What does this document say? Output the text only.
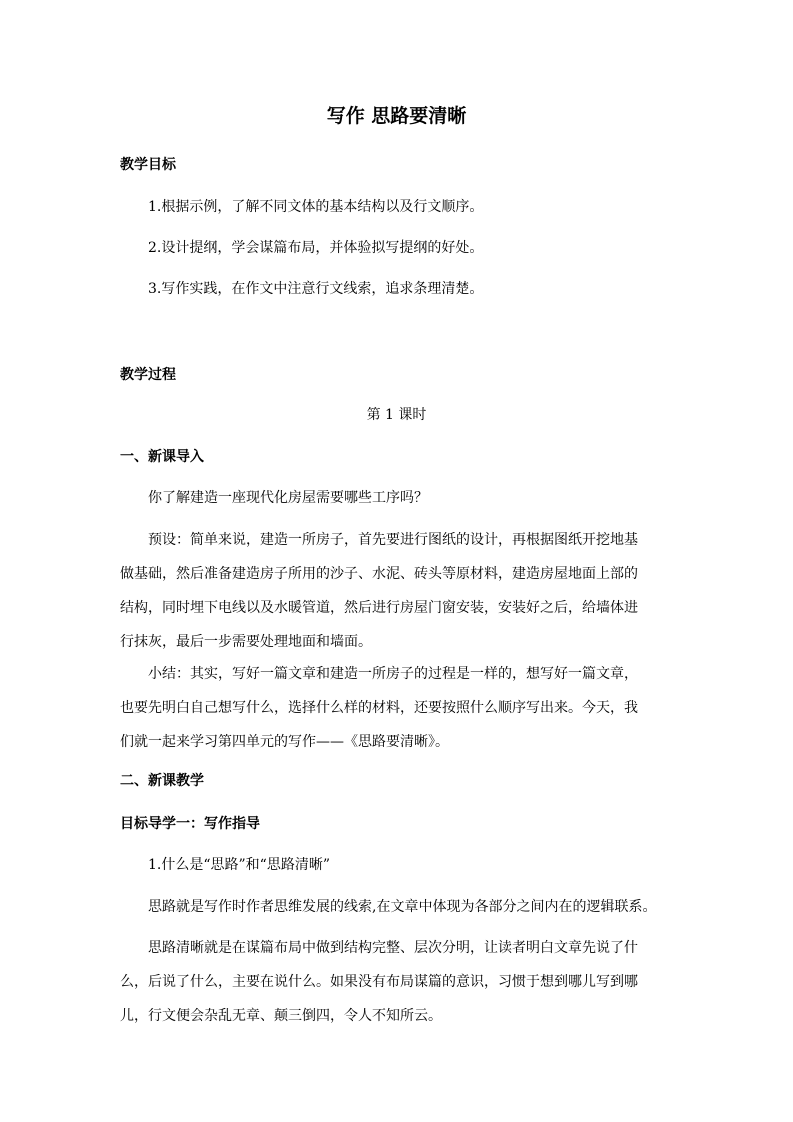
写作 思路要清晰
教学目标
1.根据示例，了解不同文体的基本结构以及行文顺序。
2.设计提纲，学会谋篇布局，并体验拟写提纲的好处。
3.写作实践，在作文中注意行文线索，追求条理清楚。
教学过程
第 1 课时
一、新课导入
你了解建造一座现代化房屋需要哪些工序吗？
预设：简单来说，建造一所房子，首先要进行图纸的设计，再根据图纸开挖地基
做基础，然后准备建造房子所用的沙子、水泥、砖头等原材料，建造房屋地面上部的
结构，同时埋下电线以及水暖管道，然后进行房屋门窗安装，安装好之后，给墙体进
行抹灰，最后一步需要处理地面和墙面。
小结：其实，写好一篇文章和建造一所房子的过程是一样的，想写好一篇文章，
也要先明白自己想写什么，选择什么样的材料，还要按照什么顺序写出来。今天，我
们就一起来学习第四单元的写作——《思路要清晰》。
二、新课教学
目标导学一：写作指导
1.什么是“思路”和“思路清晰”
思路就是写作时作者思维发展的线索,在文章中体现为各部分之间内在的逻辑联系。
思路清晰就是在谋篇布局中做到结构完整、层次分明，让读者明白文章先说了什
么，后说了什么，主要在说什么。如果没有布局谋篇的意识，习惯于想到哪儿写到哪
儿，行文便会杂乱无章、颠三倒四，令人不知所云。
